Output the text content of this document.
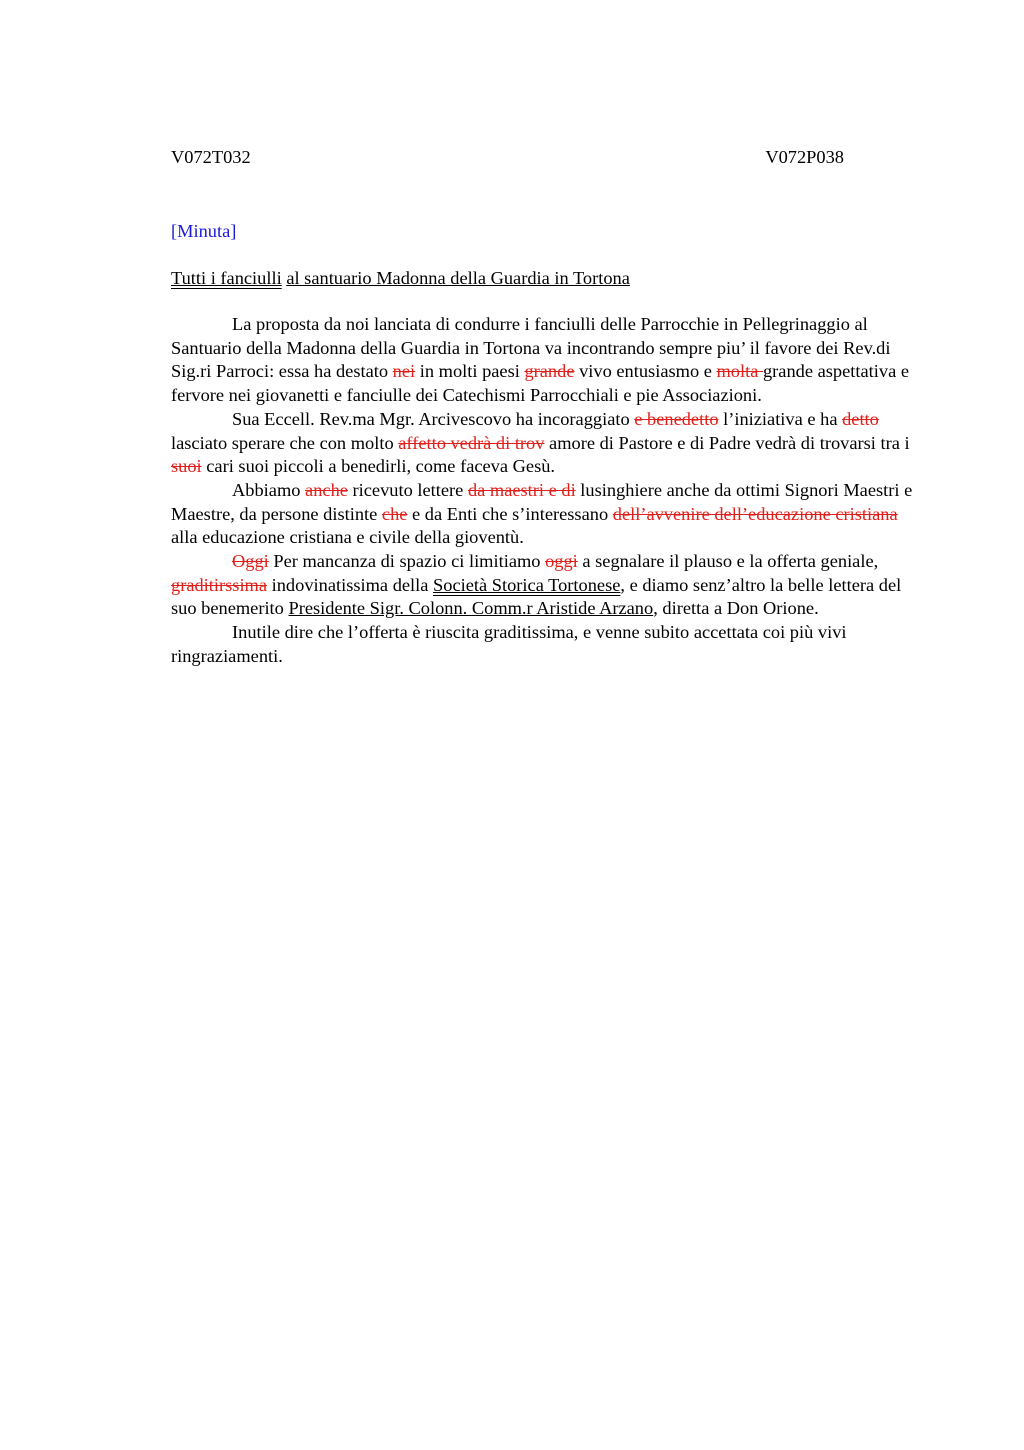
V072T032	V072P038
[Minuta]
Tutti i fanciulli al santuario Madonna della Guardia in Tortona

La proposta da noi lanciata di condurre i fanciulli delle Parrocchie in Pellegrinaggio al Santuario della Madonna della Guardia in Tortona va incontrando sempre piu’ il favore dei Rev.di Sig.ri Parroci: essa ha destato nei in molti paesi grande vivo entusiasmo e molta grande aspettativa e fervore nei giovanetti e fanciulle dei Catechismi Parrocchiali e pie Associazioni.

Sua Eccell. Rev.ma Mgr. Arcivescovo ha incoraggiato e benedetto l’iniziativa e ha detto lasciato sperare che con molto affetto vedrà di trov amore di Pastore e di Padre vedrà di trovarsi tra i suoi cari suoi piccoli a benedirli, come faceva Gesù.

Abbiamo anche ricevuto lettere da maestri e di lusinghiere anche da ottimi Signori Maestri e Maestre, da persone distinte che e da Enti che s’interessano dell’avvenire dell’educazione cristiana alla educazione cristiana e civile della gioventù.

Oggi Per mancanza di spazio ci limitiamo oggi a segnalare il plauso e la offerta geniale, graditirssima indovinatissima della Società Storica Tortonese, e diamo senz’altro la belle lettera del suo benemerito Presidente Sigr. Colonn. Comm.r Aristide Arzano, diretta a Don Orione.

Inutile dire che l’offerta è riuscita graditissima, e venne subito accettata coi più vivi ringraziamenti.
